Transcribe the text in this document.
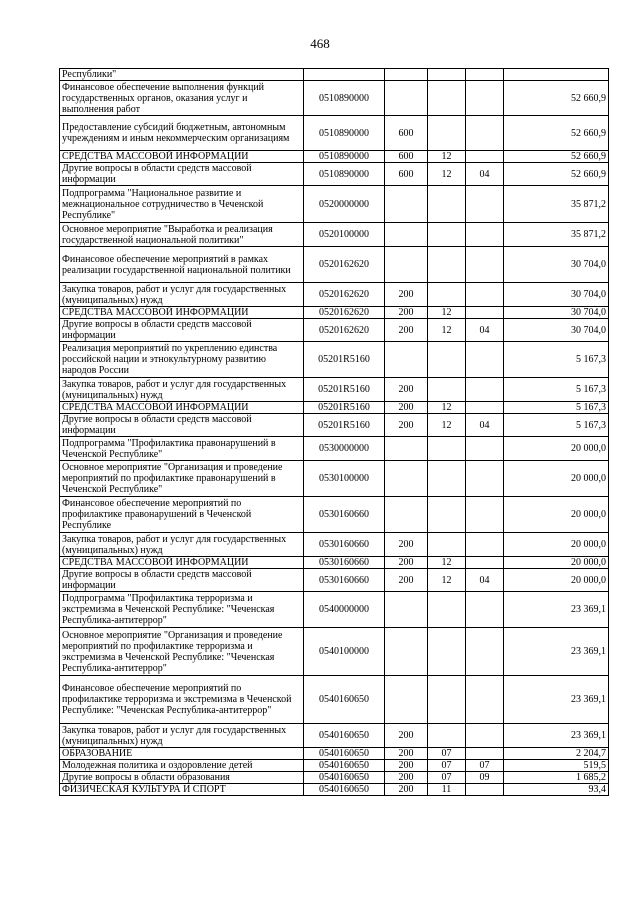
468
Республики"					
Финансовое обеспечение выполнения функций государственных органов, оказания услуг и выполнения работ	0510890000				52 660,9
Предоставление субсидий бюджетным, автономным учреждениям и иным некоммерческим организациям	0510890000	600			52 660,9
СРЕДСТВА МАССОВОЙ ИНФОРМАЦИИ	0510890000	600	12		52 660,9
Другие вопросы в области средств массовой информации	0510890000	600	12	04	52 660,9
Подпрограмма "Национальное развитие и межнациональное сотрудничество в Чеченской Республике"	0520000000				35 871,2
Основное мероприятие "Выработка и реализация государственной национальной политики"	0520100000				35 871,2
Финансовое обеспечение мероприятий в рамках реализации государственной национальной политики	0520162620				30 704,0
Закупка товаров, работ и услуг для государственных (муниципальных) нужд	0520162620	200			30 704,0
СРЕДСТВА МАССОВОЙ ИНФОРМАЦИИ	0520162620	200	12		30 704,0
Другие вопросы в области средств массовой информации	0520162620	200	12	04	30 704,0
Реализация мероприятий по укреплению единства российской нации и этнокультурному развитию народов России	05201R5160				5 167,3
Закупка товаров, работ и услуг для государственных (муниципальных) нужд	05201R5160	200			5 167,3
СРЕДСТВА МАССОВОЙ ИНФОРМАЦИИ	05201R5160	200	12		5 167,3
Другие вопросы в области средств массовой информации	05201R5160	200	12	04	5 167,3
Подпрограмма "Профилактика правонарушений в Чеченской Республике"	0530000000				20 000,0
Основное мероприятие "Организация и проведение мероприятий по профилактике правонарушений в Чеченской Республике"	0530100000				20 000,0
Финансовое обеспечение мероприятий по профилактике правонарушений в Чеченской Республике	0530160660				20 000,0
Закупка товаров, работ и услуг для государственных (муниципальных) нужд	0530160660	200			20 000,0
СРЕДСТВА МАССОВОЙ ИНФОРМАЦИИ	0530160660	200	12		20 000,0
Другие вопросы в области средств массовой информации	0530160660	200	12	04	20 000,0
Подпрограмма "Профилактика терроризма и экстремизма в Чеченской Республике: "Чеченская Республика-антитеррор"	0540000000				23 369,1
Основное мероприятие "Организация и проведение мероприятий по профилактике терроризма и экстремизма в Чеченской Республике: "Чеченская Республика-антитеррор"	0540100000				23 369,1
Финансовое обеспечение мероприятий по профилактике терроризма и экстремизма в Чеченской Республике: "Чеченская Республика-антитеррор"	0540160650				23 369,1
Закупка товаров, работ и услуг для государственных (муниципальных) нужд	0540160650	200			23 369,1
ОБРАЗОВАНИЕ	0540160650	200	07		2 204,7
Молодежная политика и оздоровление детей	0540160650	200	07	07	519,5
Другие вопросы в области образования	0540160650	200	07	09	1 685,2
ФИЗИЧЕСКАЯ КУЛЬТУРА И СПОРТ	0540160650	200	11		93,4
